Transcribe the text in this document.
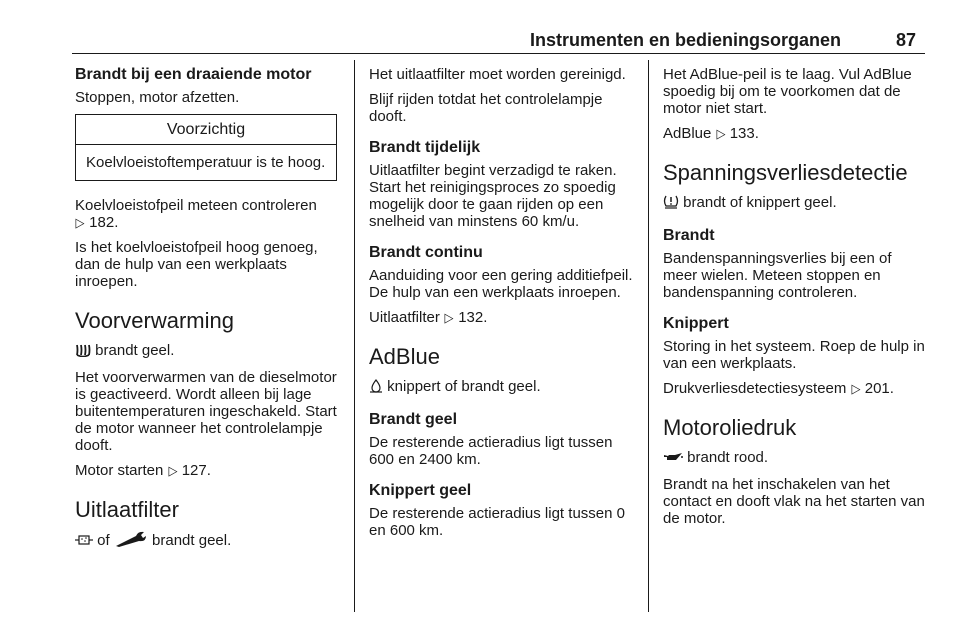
Instrumenten en bedieningsorganen	87
Brandt bij een draaiende motor

Stoppen, motor afzetten.

Voorzichtig
Koelvloeistoftemperatuur is te hoog.

Koelvloeistofpeil meteen controleren
▷ 182.

Is het koelvloeistofpeil hoog genoeg, dan de hulp van een werkplaats inroepen.

Voorverwarming

brandt geel.

Het voorverwarmen van de dieselmotor is geactiveerd. Wordt alleen bij lage buitentemperaturen ingeschakeld. Start de motor wanneer het controlelampje dooft.

Motor starten ▷ 127.

Uitlaatfilter

of	brandt geel.

Het uitlaatfilter moet worden gereinigd.

Blijf rijden totdat het controlelampje dooft.

Brandt tijdelijk

Uitlaatfilter begint verzadigd te raken. Start het reinigingsproces zo spoedig mogelijk door te gaan rijden op een snelheid van minstens 60 km/u.

Brandt continu

Aanduiding voor een gering additiefpeil. De hulp van een werkplaats inroepen.

Uitlaatfilter ▷ 132.

AdBlue

knippert of brandt geel.

Brandt geel

De resterende actieradius ligt tussen 600 en 2400 km.

Knippert geel

De resterende actieradius ligt tussen 0 en 600 km.

Het AdBlue-peil is te laag. Vul AdBlue spoedig bij om te voorkomen dat de motor niet start.

AdBlue ▷ 133.

Spanningsverliesdetectie

brandt of knippert geel.

Brandt

Bandenspanningsverlies bij een of meer wielen. Meteen stoppen en bandenspanning controleren.

Knippert

Storing in het systeem. Roep de hulp in van een werkplaats.

Drukverliesdetectiesysteem ▷ 201.

Motoroliedruk

brandt rood.

Brandt na het inschakelen van het contact en dooft vlak na het starten van de motor.
